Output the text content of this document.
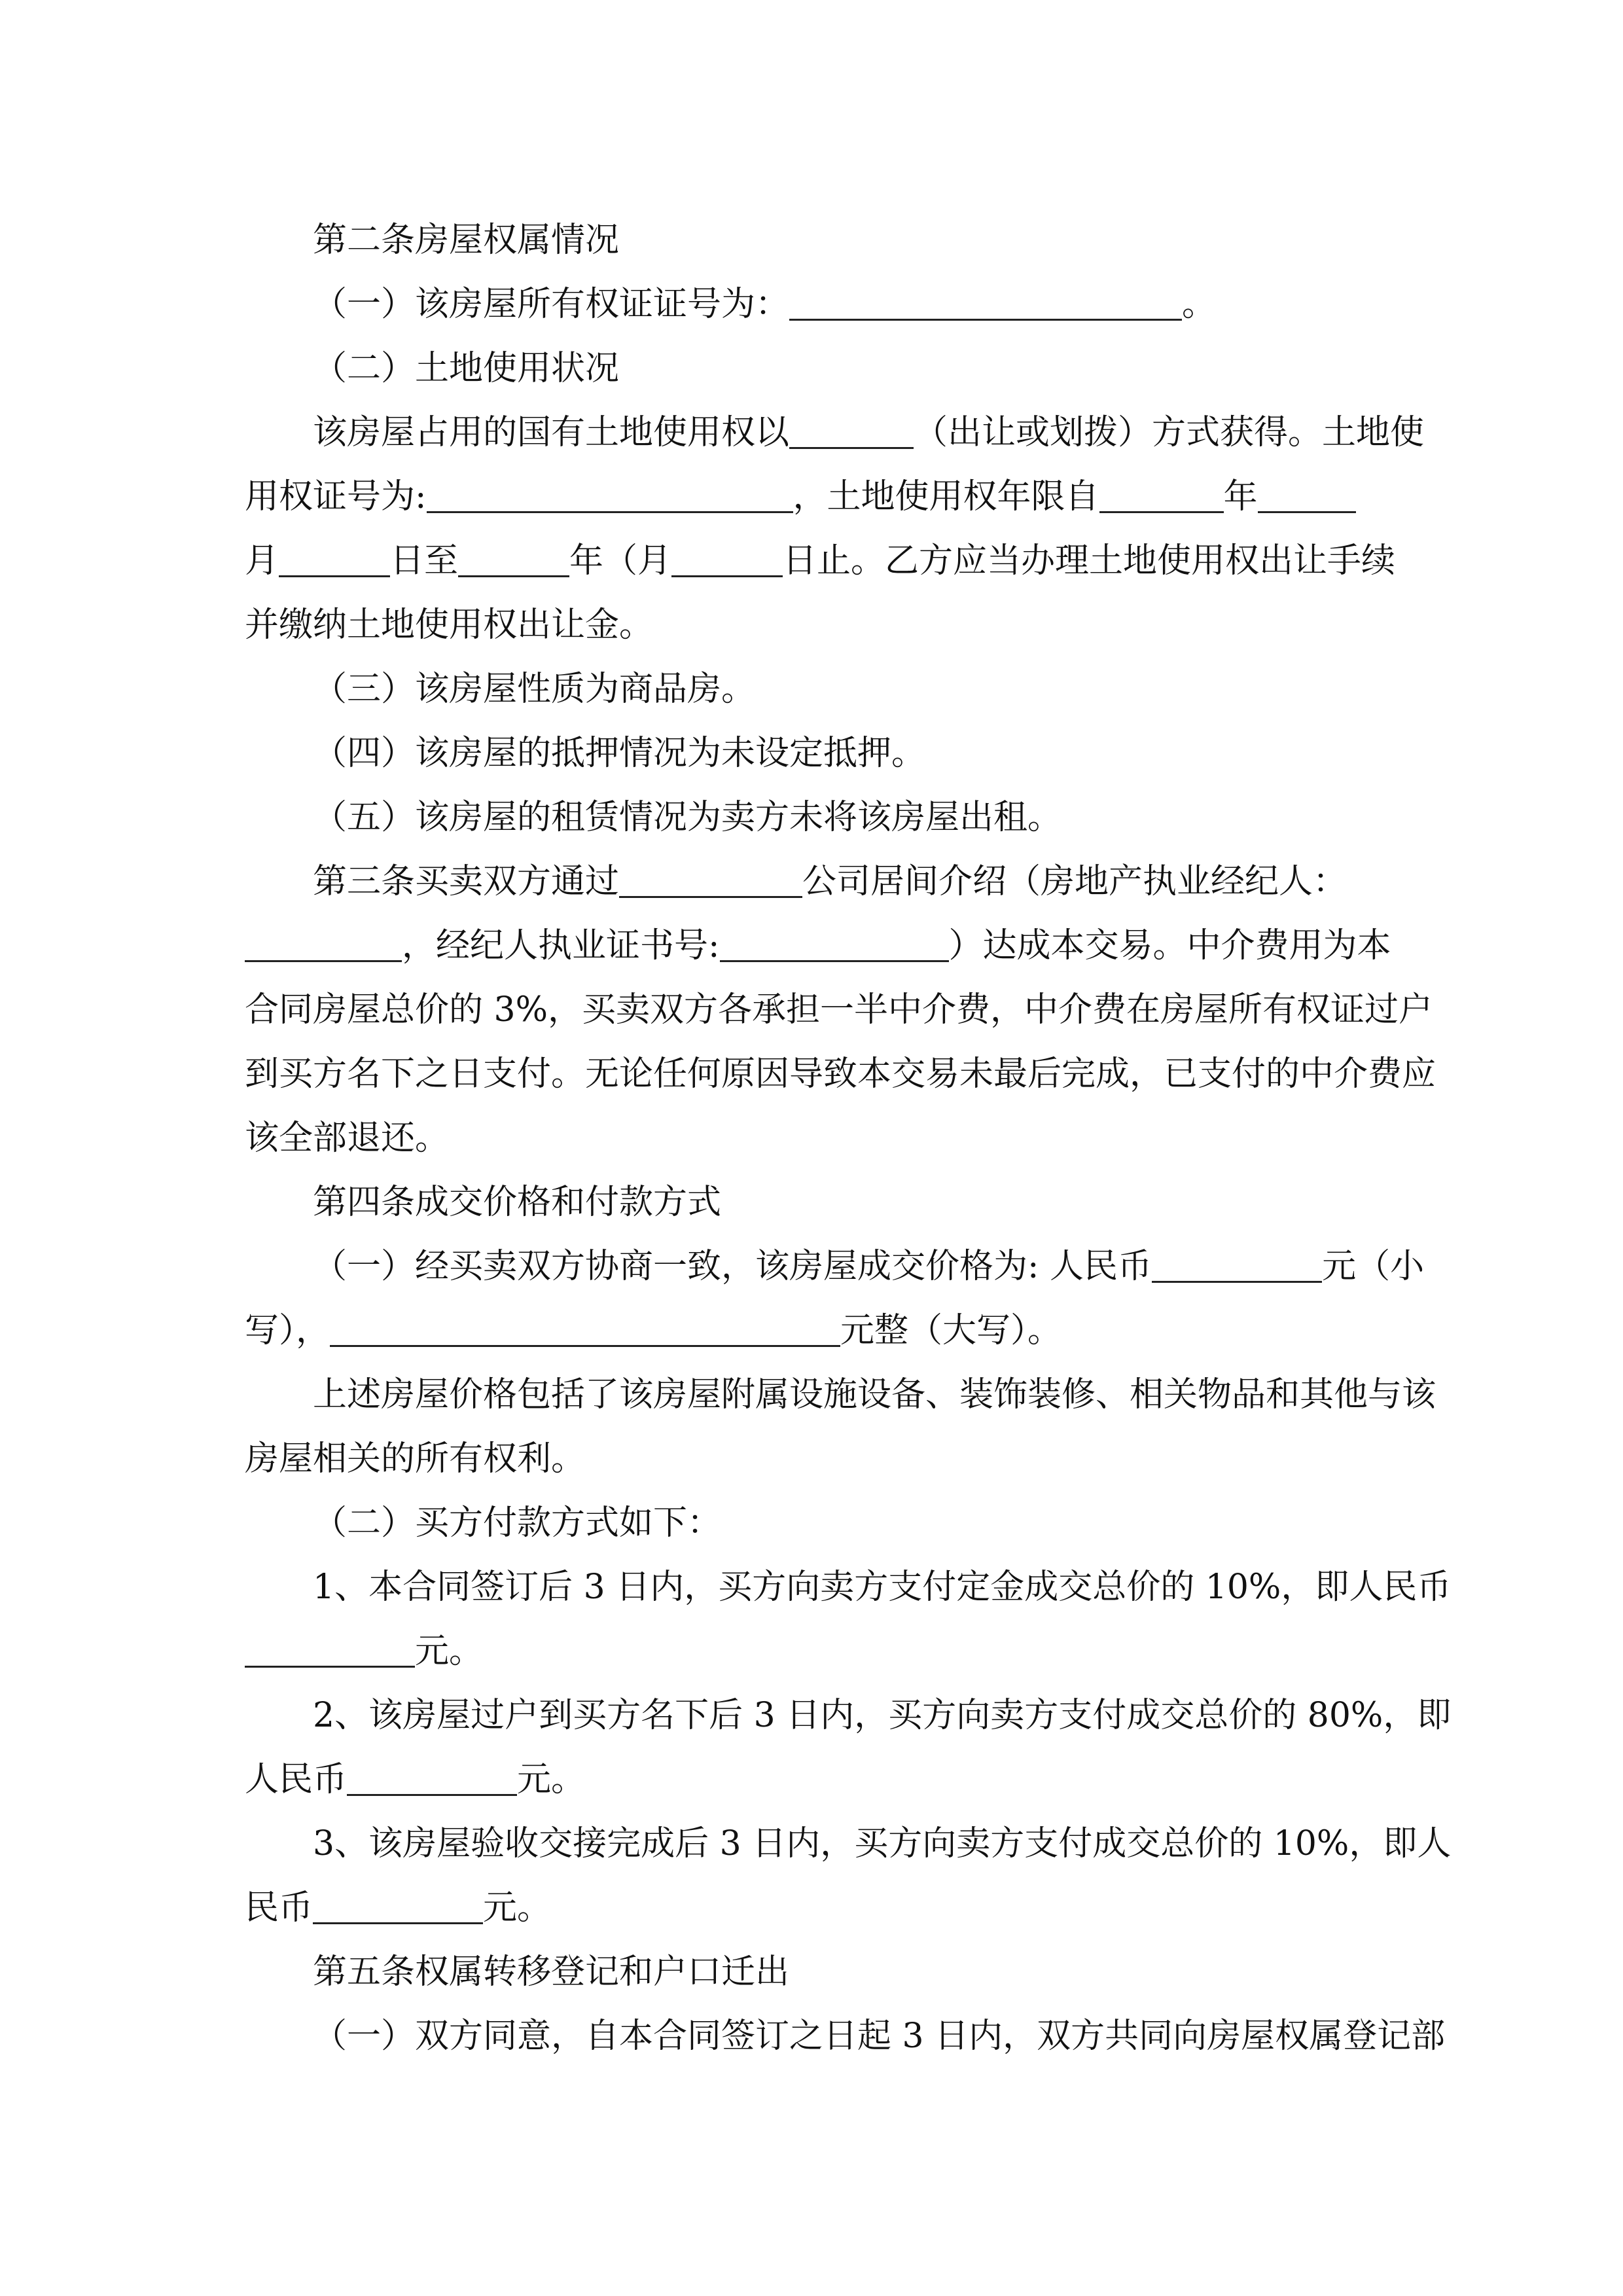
第二条房屋权属情况
（一）该房屋所有权证证号为：	。
（二）土地使用状况
该房屋占用的国有土地使用权以	（出让或划拨）方式获得。土地使
用权证号为:	，土地使用权年限自	年
月	日至	年（月	日止。乙方应当办理土地使用权出让手续
并缴纳土地使用权出让金。
（三）该房屋性质为商品房。
（四）该房屋的抵押情况为未设定抵押。
（五）该房屋的租赁情况为卖方未将该房屋出租。
第三条买卖双方通过	公司居间介绍（房地产执业经纪人：
，经纪人执业证书号:	）达成本交易。中介费用为本
合同房屋总价的 3%，买卖双方各承担一半中介费，中介费在房屋所有权证过户
到买方名下之日支付。无论任何原因导致本交易未最后完成，已支付的中介费应
该全部退还。
第四条成交价格和付款方式
（一）经买卖双方协商一致，该房屋成交价格为: 人民币	元（小
写），	元整（大写）。
上述房屋价格包括了该房屋附属设施设备、装饰装修、相关物品和其他与该
房屋相关的所有权利。
（二）买方付款方式如下：
1、本合同签订后 3 日内，买方向卖方支付定金成交总价的 10%，即人民币
元。
2、该房屋过户到买方名下后 3 日内，买方向卖方支付成交总价的 80%，即
人民币	元。
3、该房屋验收交接完成后 3 日内，买方向卖方支付成交总价的 10%，即人
民币	元。
第五条权属转移登记和户口迁出
（一）双方同意，自本合同签订之日起 3 日内，双方共同向房屋权属登记部
